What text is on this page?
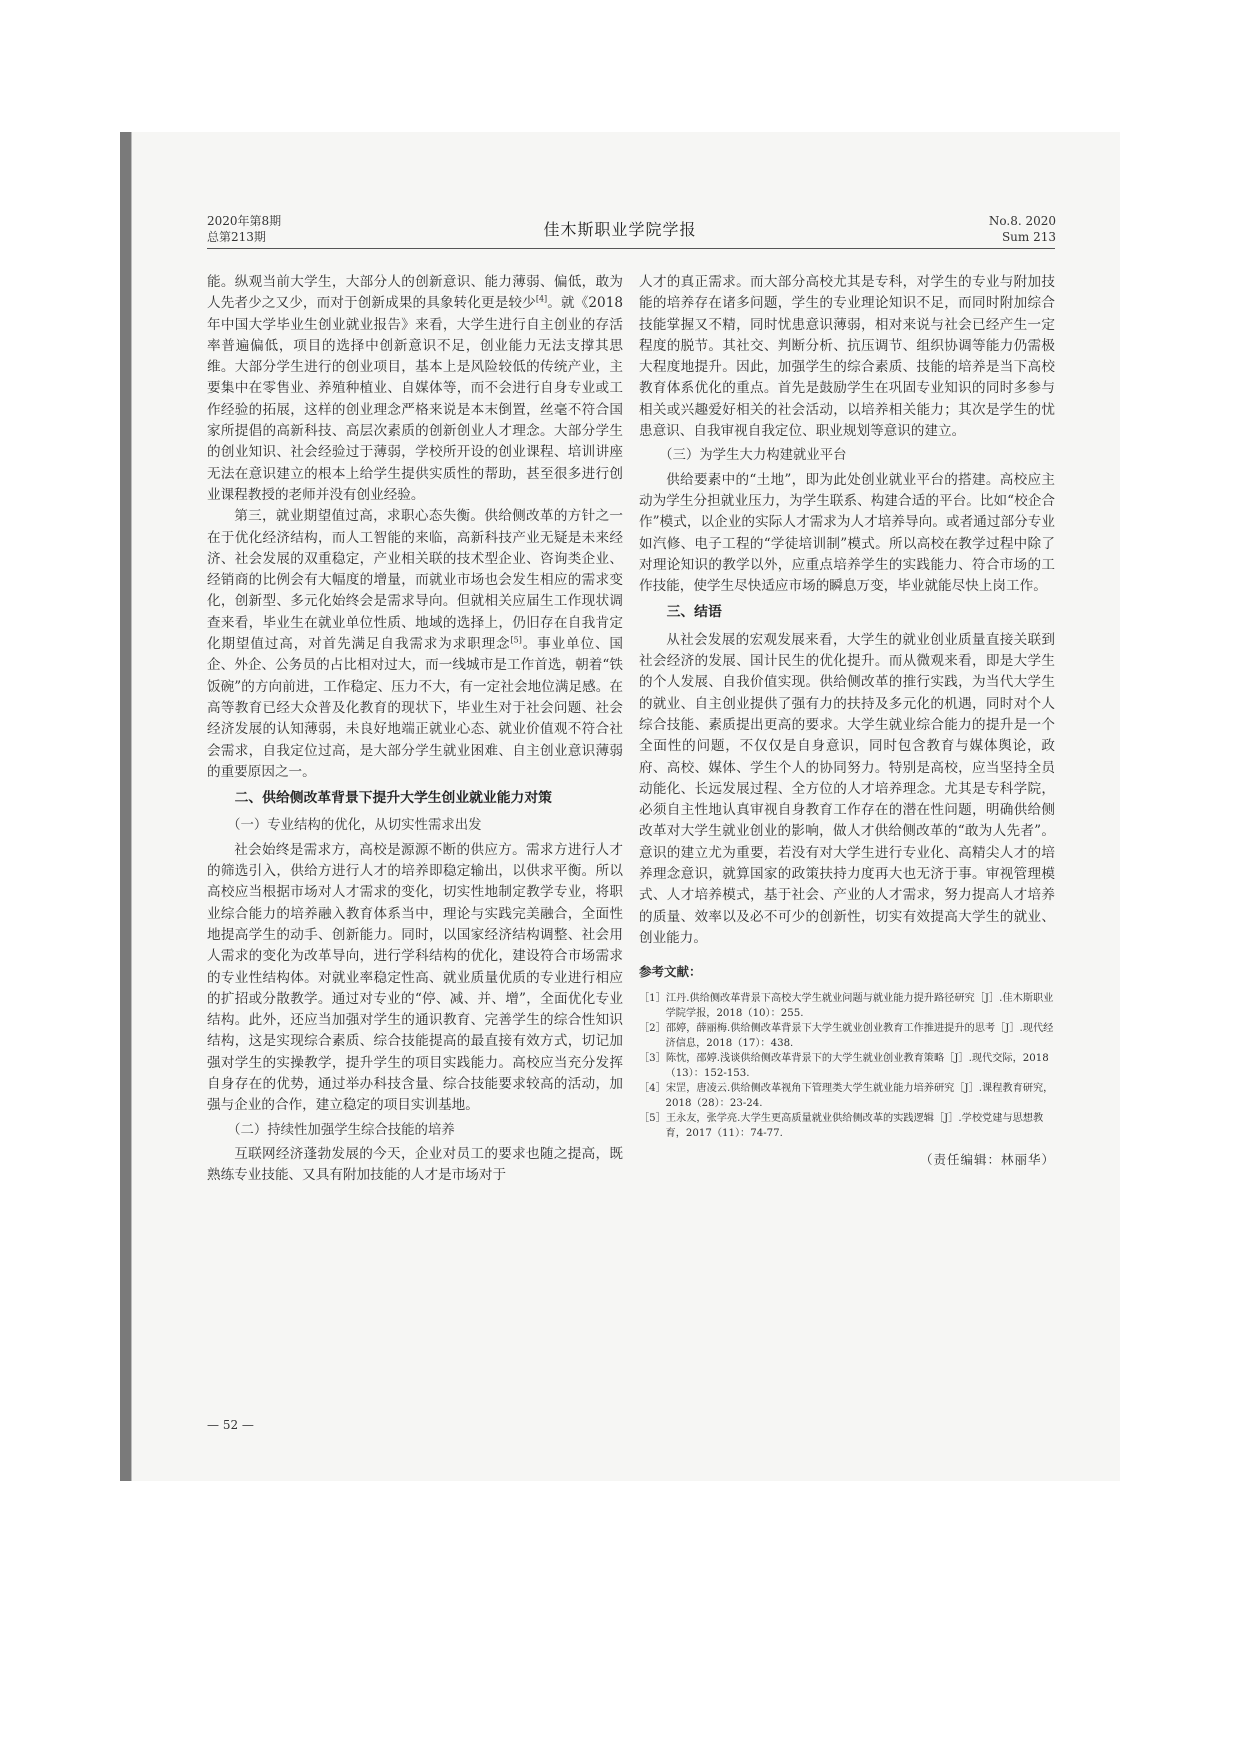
2020年第8期
总第213期	佳木斯职业学院学报	No.8. 2020
Sum 213

能。纵观当前大学生，大部分人的创新意识、能力薄弱、偏低，敢为人先者少之又少，而对于创新成果的具象转化更是较少[4]。就《2018年中国大学毕业生创业就业报告》来看，大学生进行自主创业的存活率普遍偏低，项目的选择中创新意识不足，创业能力无法支撑其思维。大部分学生进行的创业项目，基本上是风险较低的传统产业，主要集中在零售业、养殖种植业、自媒体等，而不会进行自身专业或工作经验的拓展，这样的创业理念严格来说是本末倒置，丝毫不符合国家所提倡的高新科技、高层次素质的创新创业人才理念。大部分学生的创业知识、社会经验过于薄弱，学校所开设的创业课程、培训讲座无法在意识建立的根本上给学生提供实质性的帮助，甚至很多进行创业课程教授的老师并没有创业经验。

第三，就业期望值过高，求职心态失衡。供给侧改革的方针之一在于优化经济结构，而人工智能的来临，高新科技产业无疑是未来经济、社会发展的双重稳定，产业相关联的技术型企业、咨询类企业、经销商的比例会有大幅度的增量，而就业市场也会发生相应的需求变化，创新型、多元化始终会是需求导向。但就相关应届生工作现状调查来看，毕业生在就业单位性质、地域的选择上，仍旧存在自我肯定化期望值过高，对首先满足自我需求为求职理念[5]。事业单位、国企、外企、公务员的占比相对过大，而一线城市是工作首选，朝着“铁饭碗”的方向前进，工作稳定、压力不大，有一定社会地位满足感。在高等教育已经大众普及化教育的现状下，毕业生对于社会问题、社会经济发展的认知薄弱，未良好地端正就业心态、就业价值观不符合社会需求，自我定位过高，是大部分学生就业困难、自主创业意识薄弱的重要原因之一。

二、供给侧改革背景下提升大学生创业就业能力对策
（一）专业结构的优化，从切实性需求出发

社会始终是需求方，高校是源源不断的供应方。需求方进行人才的筛选引入，供给方进行人才的培养即稳定输出，以供求平衡。所以高校应当根据市场对人才需求的变化，切实性地制定教学专业，将职业综合能力的培养融入教育体系当中，理论与实践完美融合，全面性地提高学生的动手、创新能力。同时，以国家经济结构调整、社会用人需求的变化为改革导向，进行学科结构的优化，建设符合市场需求的专业性结构体。对就业率稳定性高、就业质量优质的专业进行相应的扩招或分散教学。通过对专业的“停、减、并、增”，全面优化专业结构。此外，还应当加强对学生的通识教育、完善学生的综合性知识结构，这是实现综合素质、综合技能提高的最直接有效方式，切记加强对学生的实操教学，提升学生的项目实践能力。高校应当充分发挥自身存在的优势，通过举办科技含量、综合技能要求较高的活动，加强与企业的合作，建立稳定的项目实训基地。

（二）持续性加强学生综合技能的培养

互联网经济蓬勃发展的今天，企业对员工的要求也随之提高，既熟练专业技能、又具有附加技能的人才是市场对于

人才的真正需求。而大部分高校尤其是专科，对学生的专业与附加技能的培养存在诸多问题，学生的专业理论知识不足，而同时附加综合技能掌握又不精，同时忧患意识薄弱，相对来说与社会已经产生一定程度的脱节。其社交、判断分析、抗压调节、组织协调等能力仍需极大程度地提升。因此，加强学生的综合素质、技能的培养是当下高校教育体系优化的重点。首先是鼓励学生在巩固专业知识的同时多参与相关或兴趣爱好相关的社会活动，以培养相关能力；其次是学生的忧患意识、自我审视自我定位、职业规划等意识的建立。

（三）为学生大力构建就业平台

供给要素中的“土地”，即为此处创业就业平台的搭建。高校应主动为学生分担就业压力，为学生联系、构建合适的平台。比如“校企合作”模式，以企业的实际人才需求为人才培养导向。或者通过部分专业如汽修、电子工程的“学徒培训制”模式。所以高校在教学过程中除了对理论知识的教学以外，应重点培养学生的实践能力、符合市场的工作技能，使学生尽快适应市场的瞬息万变，毕业就能尽快上岗工作。

三、结语

从社会发展的宏观发展来看，大学生的就业创业质量直接关联到社会经济的发展、国计民生的优化提升。而从微观来看，即是大学生的个人发展、自我价值实现。供给侧改革的推行实践，为当代大学生的就业、自主创业提供了强有力的扶持及多元化的机遇，同时对个人综合技能、素质提出更高的要求。大学生就业综合能力的提升是一个全面性的问题，不仅仅是自身意识，同时包含教育与媒体舆论，政府、高校、媒体、学生个人的协同努力。特别是高校，应当坚持全员动能化、长远发展过程、全方位的人才培养理念。尤其是专科学院，必须自主性地认真审视自身教育工作存在的潜在性问题，明确供给侧改革对大学生就业创业的影响，做人才供给侧改革的“敢为人先者”。意识的建立尤为重要，若没有对大学生进行专业化、高精尖人才的培养理念意识，就算国家的政策扶持力度再大也无济于事。审视管理模式、人才培养模式，基于社会、产业的人才需求，努力提高人才培养的质量、效率以及必不可少的创新性，切实有效提高大学生的就业、创业能力。

参考文献：
［1］江丹.供给侧改革背景下高校大学生就业问题与就业能力提升路径研究［J］.佳木斯职业学院学报，2018（10）：255.
［2］邵婷，薛丽梅.供给侧改革背景下大学生就业创业教育工作推进提升的思考［J］.现代经济信息，2018（17）：438.
［3］陈忱，邵婷.浅谈供给侧改革背景下的大学生就业创业教育策略［J］.现代交际，2018（13）：152-153.
［4］宋罡，唐凌云.供给侧改革视角下管理类大学生就业能力培养研究［J］.课程教育研究，2018（28）：23-24.
［5］王永友，张学亮.大学生更高质量就业供给侧改革的实践逻辑［J］.学校党建与思想教育，2017（11）：74-77.
（责任编辑：林丽华）
— 52 —
